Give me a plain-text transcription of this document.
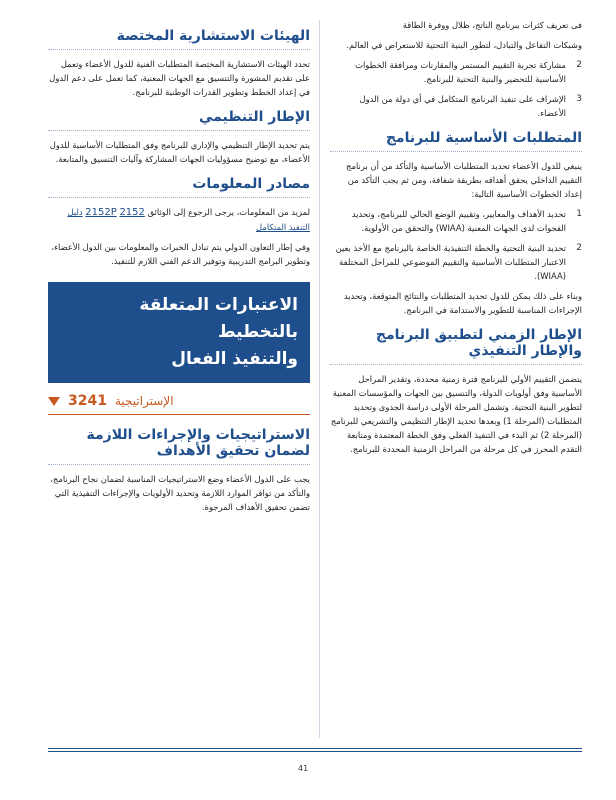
فى تعريف كثرات ببرنامج الناتج، ظلال ووفرة الطاقة
وشبكات التفاعل والتبادل، لتطور البنية التحتية للاستعراض في العالم.
2
مشاركة تجربة التقييم المستمر والمقارنات ومرافقة الخطوات الأساسية للتحضير والبنية التحتية للبرنامج.
3
الإشراف على تنفيذ البرنامج المتكامل في أي دولة من الدول الأعضاء.
المتطلبات الأساسية للبرنامج
ينبغي للدول الأعضاء تحديد المتطلبات الأساسية والتأكد من أن برنامج التقييم الداخلي يحقق أهدافه بطريقة شفافة، ومن ثم يجب التأكد من إعداد الخطوات الأساسية التالية:
1
تحديد الأهداف والمعايير، وتقييم الوضع الحالي للبرنامج، وتحديد الفجوات لدى الجهات المعنية (WIAA) والتحقق من الأولوية.
2
تحديد البنية التحتية والخطة التنفيذية الخاصة بالبرنامج مع الأخذ بعين الاعتبار المتطلبات الأساسية والتقييم الموضوعي للمراحل المختلفة (WIAA).
وبناء على ذلك يمكن للدول تحديد المتطلبات والنتائج المتوقعة، وتحديد الإجراءات المناسبة للتطوير والاستدامة في البرنامج.
الإطار الزمني لتطبيق البرنامج
والإطار التنفيذي
يتضمن التقييم الأولي للبرنامج فترة زمنية محددة، وتقدير المراحل الأساسية وفق أولويات الدولة، والتنسيق بين الجهات والمؤسسات المعنية لتطوير البنية التحتية. وتشمل المرحلة الأولى دراسة الجدوى وتحديد المتطلبات (المرحلة 1) وبعدها تحديد الإطار التنظيمي والتشريعي للبرنامج (المرحلة 2) ثم البدء في التنفيذ الفعلي وفق الخطة المعتمدة ومتابعة التقدم المحرز في كل مرحلة من المراحل الزمنية المحددة للبرنامج.
الهيئات الاستشارية المختصة
تحدد الهيئات الاستشارية المختصة المتطلبات الفنية للدول الأعضاء وتعمل على تقديم المشورة والتنسيق مع الجهات المعنية، كما تعمل على دعم الدول في إعداد الخطط وتطوير القدرات الوطنية للبرنامج.
الإطار التنظيمي
يتم تحديد الإطار التنظيمي والإداري للبرنامج وفق المتطلبات الأساسية للدول الأعضاء، مع توضيح مسؤوليات الجهات المشاركة وآليات التنسيق والمتابعة.
مصادر المعلومات
لمزيد من المعلومات، يرجى الرجوع إلى الوثائق 2152 2152P دليل التنفيذ المتكامل
وفي إطار التعاون الدولي يتم تبادل الخبرات والمعلومات بين الدول الأعضاء، وتطوير البرامج التدريبية وتوفير الدعم الفني اللازم للتنفيذ.
الاعتبارات المتعلقة بالتخطيط
والتنفيذ الفعال
الإستراتيجية
3241
الاستراتيجيات والإجراءات اللازمة
لضمان تحقيق الأهداف
يجب على الدول الأعضاء وضع الاستراتيجيات المناسبة لضمان نجاح البرنامج، والتأكد من توافر الموارد اللازمة وتحديد الأولويات والإجراءات التنفيذية التي تضمن تحقيق الأهداف المرجوة.
41
